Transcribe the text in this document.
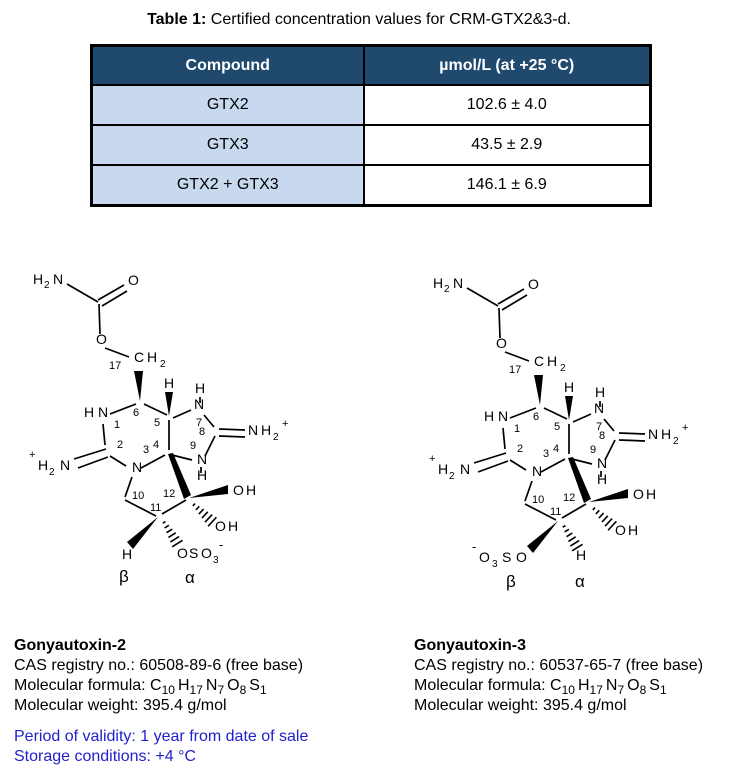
Table 1: Certified concentration values for CRM-GTX2&3-d.
Compound	µmol/L (at +25 °C)
GTX2	102.6 ± 4.0
GTX3	43.5 ± 2.9
GTX2 + GTX3	146.1 ± 6.9
H 2 N	O
O
17
C H 2
H H
N
H N 6
1	5	7
8	N H 2
+
2
+
H 2 N
3 4	9
N	N
H
10 12
11
O H
O H
H	O S O 3
-
β	α
H 2 N	O
O
17
C H 2
H H
N
H N 6
1	5	7
8	N H 2
+
2
+
H 2 N
3 4	9
N	N
H
10 12
11
O H
O H
-
O 3 S O	H
β	α
Gonyautoxin-2
CAS registry no.: 60508-89-6 (free base)
Molecular formula: $C_{10}$ $H_{17}$ $N_7$ $O_8$ $S_1$
Molecular weight: 395.4 g/mol
Gonyautoxin-3
CAS registry no.: 60537-65-7 (free base)
Molecular formula: $C_{10}$ $H_{17}$ $N_7$ $O_8$ $S_1$
Molecular weight: 395.4 g/mol
Period of validity: 1 year from date of sale
Storage conditions: +4 °C
